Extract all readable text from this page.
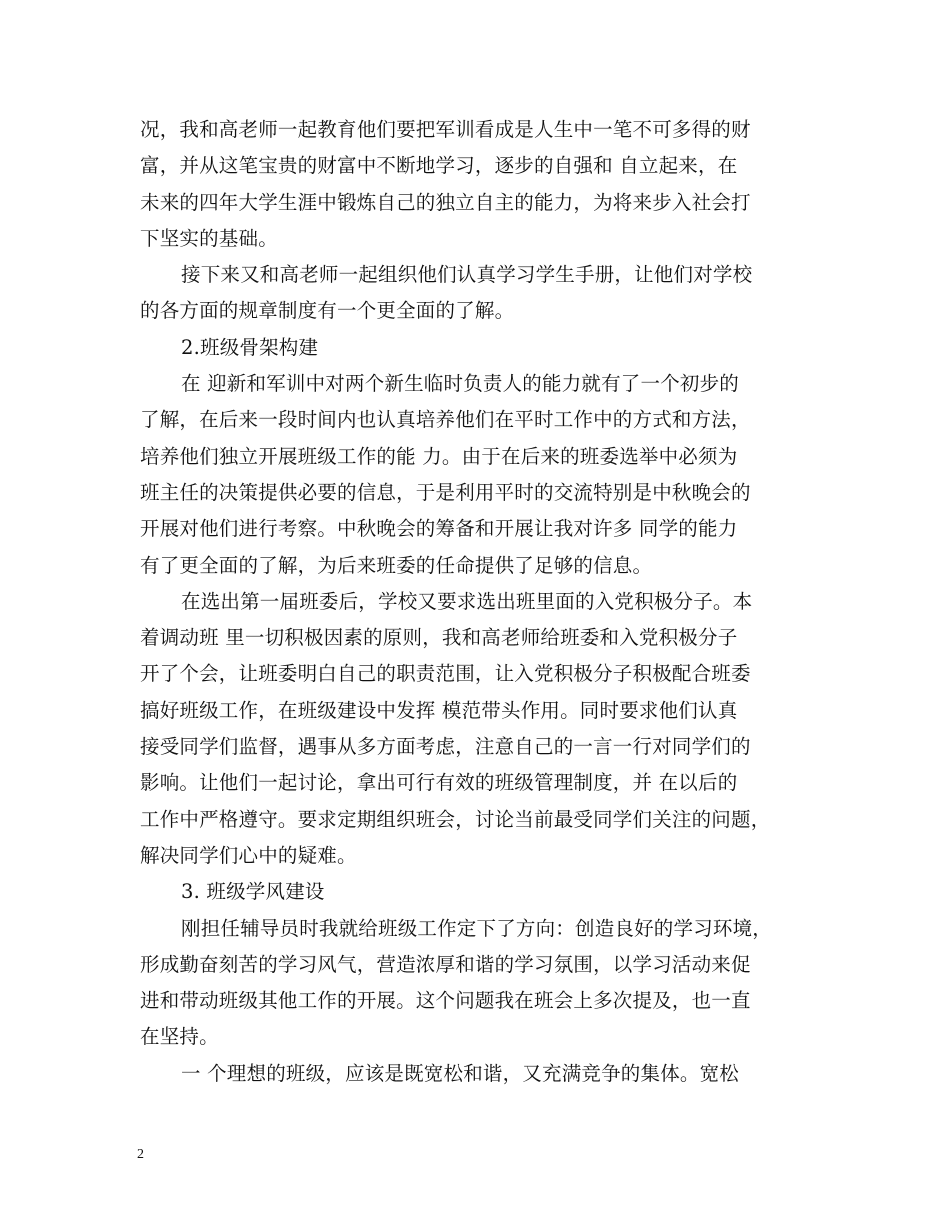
况，我和高老师一起教育他们要把军训看成是人生中一笔不可多得的财
富，并从这笔宝贵的财富中不断地学习，逐步的自强和 自立起来，在
未来的四年大学生涯中锻炼自己的独立自主的能力，为将来步入社会打
下坚实的基础。
接下来又和高老师一起组织他们认真学习学生手册，让他们对学校
的各方面的规章制度有一个更全面的了解。
2.班级骨架构建
在 迎新和军训中对两个新生临时负责人的能力就有了一个初步的
了解，在后来一段时间内也认真培养他们在平时工作中的方式和方法，
培养他们独立开展班级工作的能 力。由于在后来的班委选举中必须为
班主任的决策提供必要的信息，于是利用平时的交流特别是中秋晚会的
开展对他们进行考察。中秋晚会的筹备和开展让我对许多 同学的能力
有了更全面的了解，为后来班委的任命提供了足够的信息。
在选出第一届班委后，学校又要求选出班里面的入党积极分子。本
着调动班 里一切积极因素的原则，我和高老师给班委和入党积极分子
开了个会，让班委明白自己的职责范围，让入党积极分子积极配合班委
搞好班级工作，在班级建设中发挥 模范带头作用。同时要求他们认真
接受同学们监督，遇事从多方面考虑，注意自己的一言一行对同学们的
影响。让他们一起讨论，拿出可行有效的班级管理制度，并 在以后的
工作中严格遵守。要求定期组织班会，讨论当前最受同学们关注的问题，
解决同学们心中的疑难。
3. 班级学风建设
刚担任辅导员时我就给班级工作定下了方向：创造良好的学习环境，
形成勤奋刻苦的学习风气，营造浓厚和谐的学习氛围，以学习活动来促
进和带动班级其他工作的开展。这个问题我在班会上多次提及，也一直
在坚持。
一 个理想的班级，应该是既宽松和谐，又充满竞争的集体。宽松
2
